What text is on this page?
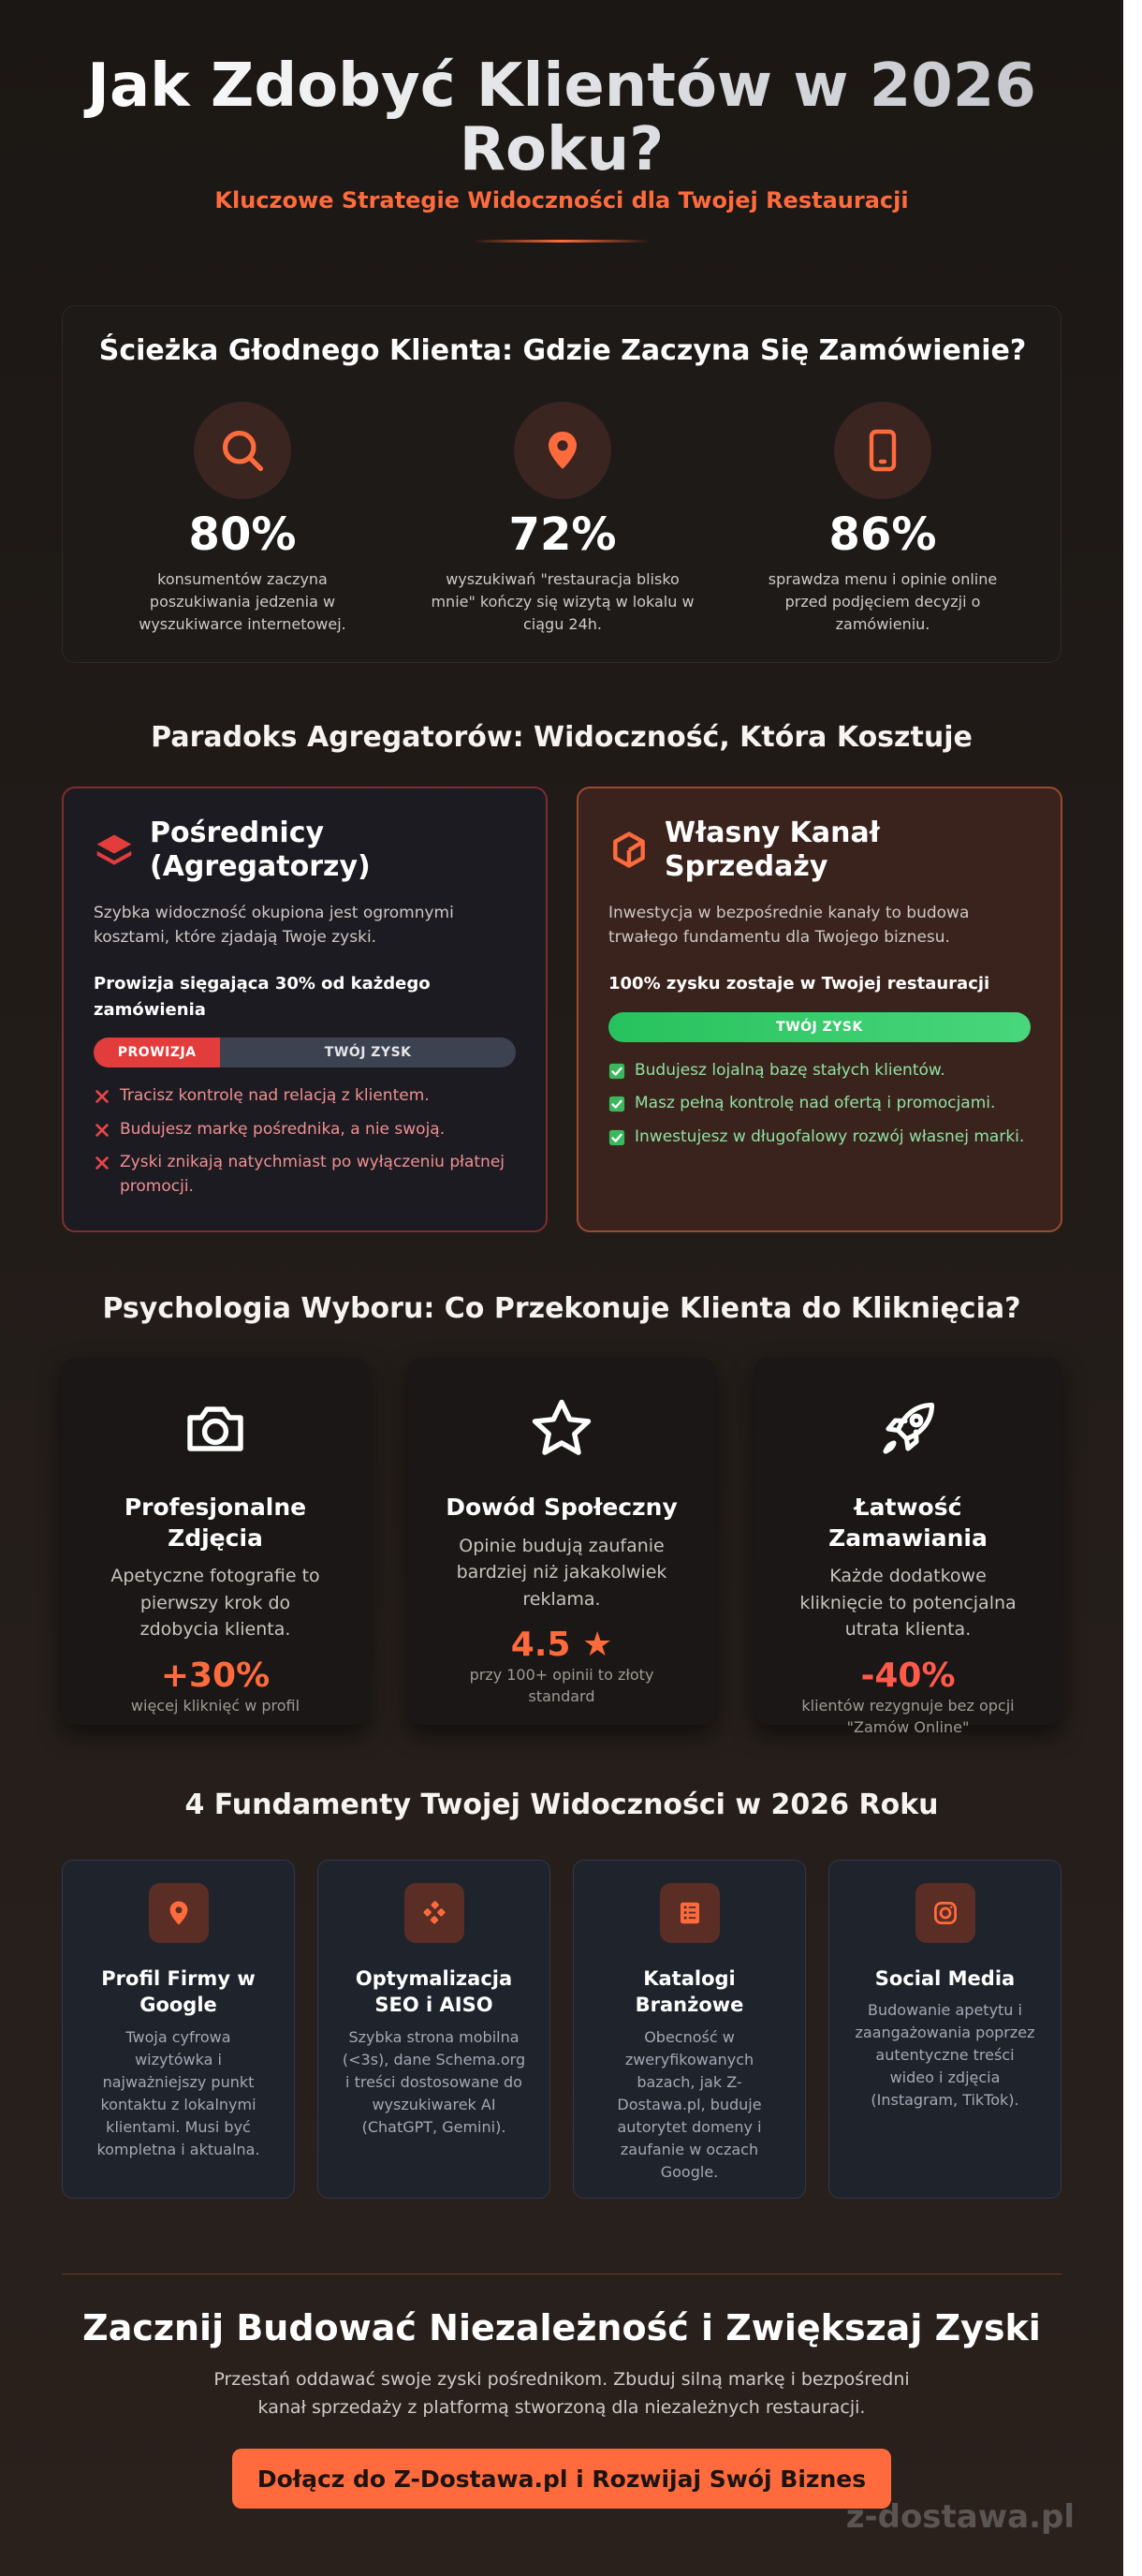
Jak Zdobyć Klientów w 2026 Roku?
Kluczowe Strategie Widoczności dla Twojej Restauracji
Ścieżka Głodnego Klienta: Gdzie Zaczyna Się Zamówienie?
80%
konsumentów zaczyna poszukiwania jedzenia w wyszukiwarce internetowej.
72%
wyszukiwań "restauracja blisko mnie" kończy się wizytą w lokalu w ciągu 24h.
86%
sprawdza menu i opinie online przed podjęciem decyzji o zamówieniu.
Paradoks Agregatorów: Widoczność, Która Kosztuje
Pośrednicy (Agregatorzy)
Szybka widoczność okupiona jest ogromnymi kosztami, które zjadają Twoje zyski.
Prowizja sięgająca 30% od każdego zamówienia
PROWIZJA	TWÓJ ZYSK
Tracisz kontrolę nad relacją z klientem.
Budujesz markę pośrednika, a nie swoją.
Zyski znikają natychmiast po wyłączeniu płatnej promocji.
Własny Kanał Sprzedaży
Inwestycja w bezpośrednie kanały to budowa trwałego fundamentu dla Twojego biznesu.
100% zysku zostaje w Twojej restauracji
TWÓJ ZYSK
Budujesz lojalną bazę stałych klientów.
Masz pełną kontrolę nad ofertą i promocjami.
Inwestujesz w długofalowy rozwój własnej marki.
Psychologia Wyboru: Co Przekonuje Klienta do Kliknięcia?
Profesjonalne Zdjęcia
Apetyczne fotografie to pierwszy krok do zdobycia klienta.
+30%
więcej kliknięć w profil
Dowód Społeczny
Opinie budują zaufanie bardziej niż jakakolwiek reklama.
4.5 ★
przy 100+ opinii to złoty standard
Łatwość Zamawiania
Każde dodatkowe kliknięcie to potencjalna utrata klienta.
-40%
klientów rezygnuje bez opcji "Zamów Online"
4 Fundamenty Twojej Widoczności w 2026 Roku
Profil Firmy w Google
Twoja cyfrowa wizytówka i najważniejszy punkt kontaktu z lokalnymi klientami. Musi być kompletna i aktualna.
Optymalizacja SEO i AISO
Szybka strona mobilna (<3s), dane Schema.org i treści dostosowane do wyszukiwarek AI (ChatGPT, Gemini).
Katalogi Branżowe
Obecność w zweryfikowanych bazach, jak Z-Dostawa.pl, buduje autorytet domeny i zaufanie w oczach Google.
Social Media
Budowanie apetytu i zaangażowania poprzez autentyczne treści wideo i zdjęcia (Instagram, TikTok).
Zacznij Budować Niezależność i Zwiększaj Zyski
Przestań oddawać swoje zyski pośrednikom. Zbuduj silną markę i bezpośredni kanał sprzedaży z platformą stworzoną dla niezależnych restauracji.
Dołącz do Z-Dostawa.pl i Rozwijaj Swój Biznes
z-dostawa.pl
